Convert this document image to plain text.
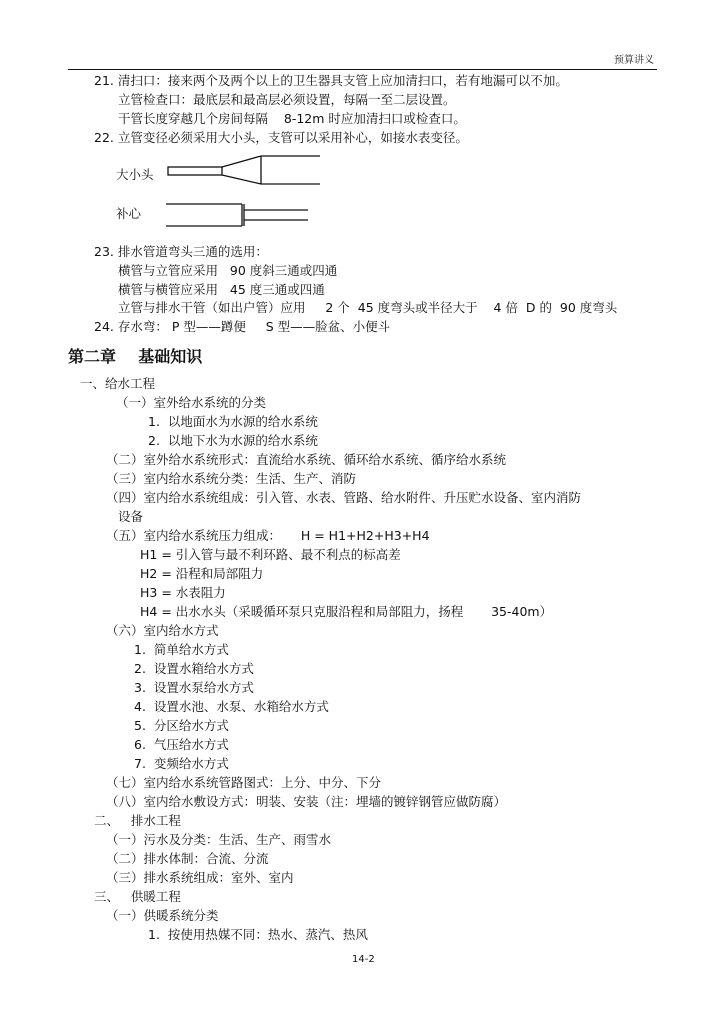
预算讲义
21. 清扫口：接来两个及两个以上的卫生器具支管上应加清扫口，若有地漏可以不加。
立管检查口：最底层和最高层必须设置，每隔一至二层设置。
干管长度穿越几个房间每隔    8-12m 时应加清扫口或检查口。
22. 立管变径必须采用大小头，支管可以采用补心，如接水表变径。
大小头
补心
23. 排水管道弯头三通的选用：
横管与立管应采用   90 度斜三通或四通
横管与横管应采用   45 度三通或四通
立管与排水干管（如出户管）应用     2 个  45 度弯头或半径大于    4 倍  D 的  90 度弯头
24. 存水弯： P 型——蹲便     S 型——脸盆、小便斗
第二章    基础知识
一、给水工程
（一）室外给水系统的分类
1.  以地面水为水源的给水系统
2.  以地下水为水源的给水系统
（二）室外给水系统形式：直流给水系统、循环给水系统、循序给水系统
（三）室内给水系统分类：生活、生产、消防
（四）室内给水系统组成：引入管、水表、管路、给水附件、升压贮水设备、室内消防
设备
（五）室内给水系统压力组成：     H = H1+H2+H3+H4
H1 = 引入管与最不利环路、最不利点的标高差
H2 = 沿程和局部阻力
H3 = 水表阻力
H4 = 出水水头（采暖循环泵只克服沿程和局部阻力，扬程       35-40m）
（六）室内给水方式
1.  简单给水方式
2.  设置水箱给水方式
3.  设置水泵给水方式
4.  设置水池、水泵、水箱给水方式
5.  分区给水方式
6.  气压给水方式
7.  变频给水方式
（七）室内给水系统管路图式：上分、中分、下分
（八）室内给水敷设方式：明装、安装（注：埋墙的镀锌钢管应做防腐）
二、   排水工程
（一）污水及分类：生活、生产、雨雪水
（二）排水体制：合流、分流
（三）排水系统组成：室外、室内
三、   供暖工程
（一）供暖系统分类
1.  按使用热媒不同：热水、蒸汽、热风
14-2
